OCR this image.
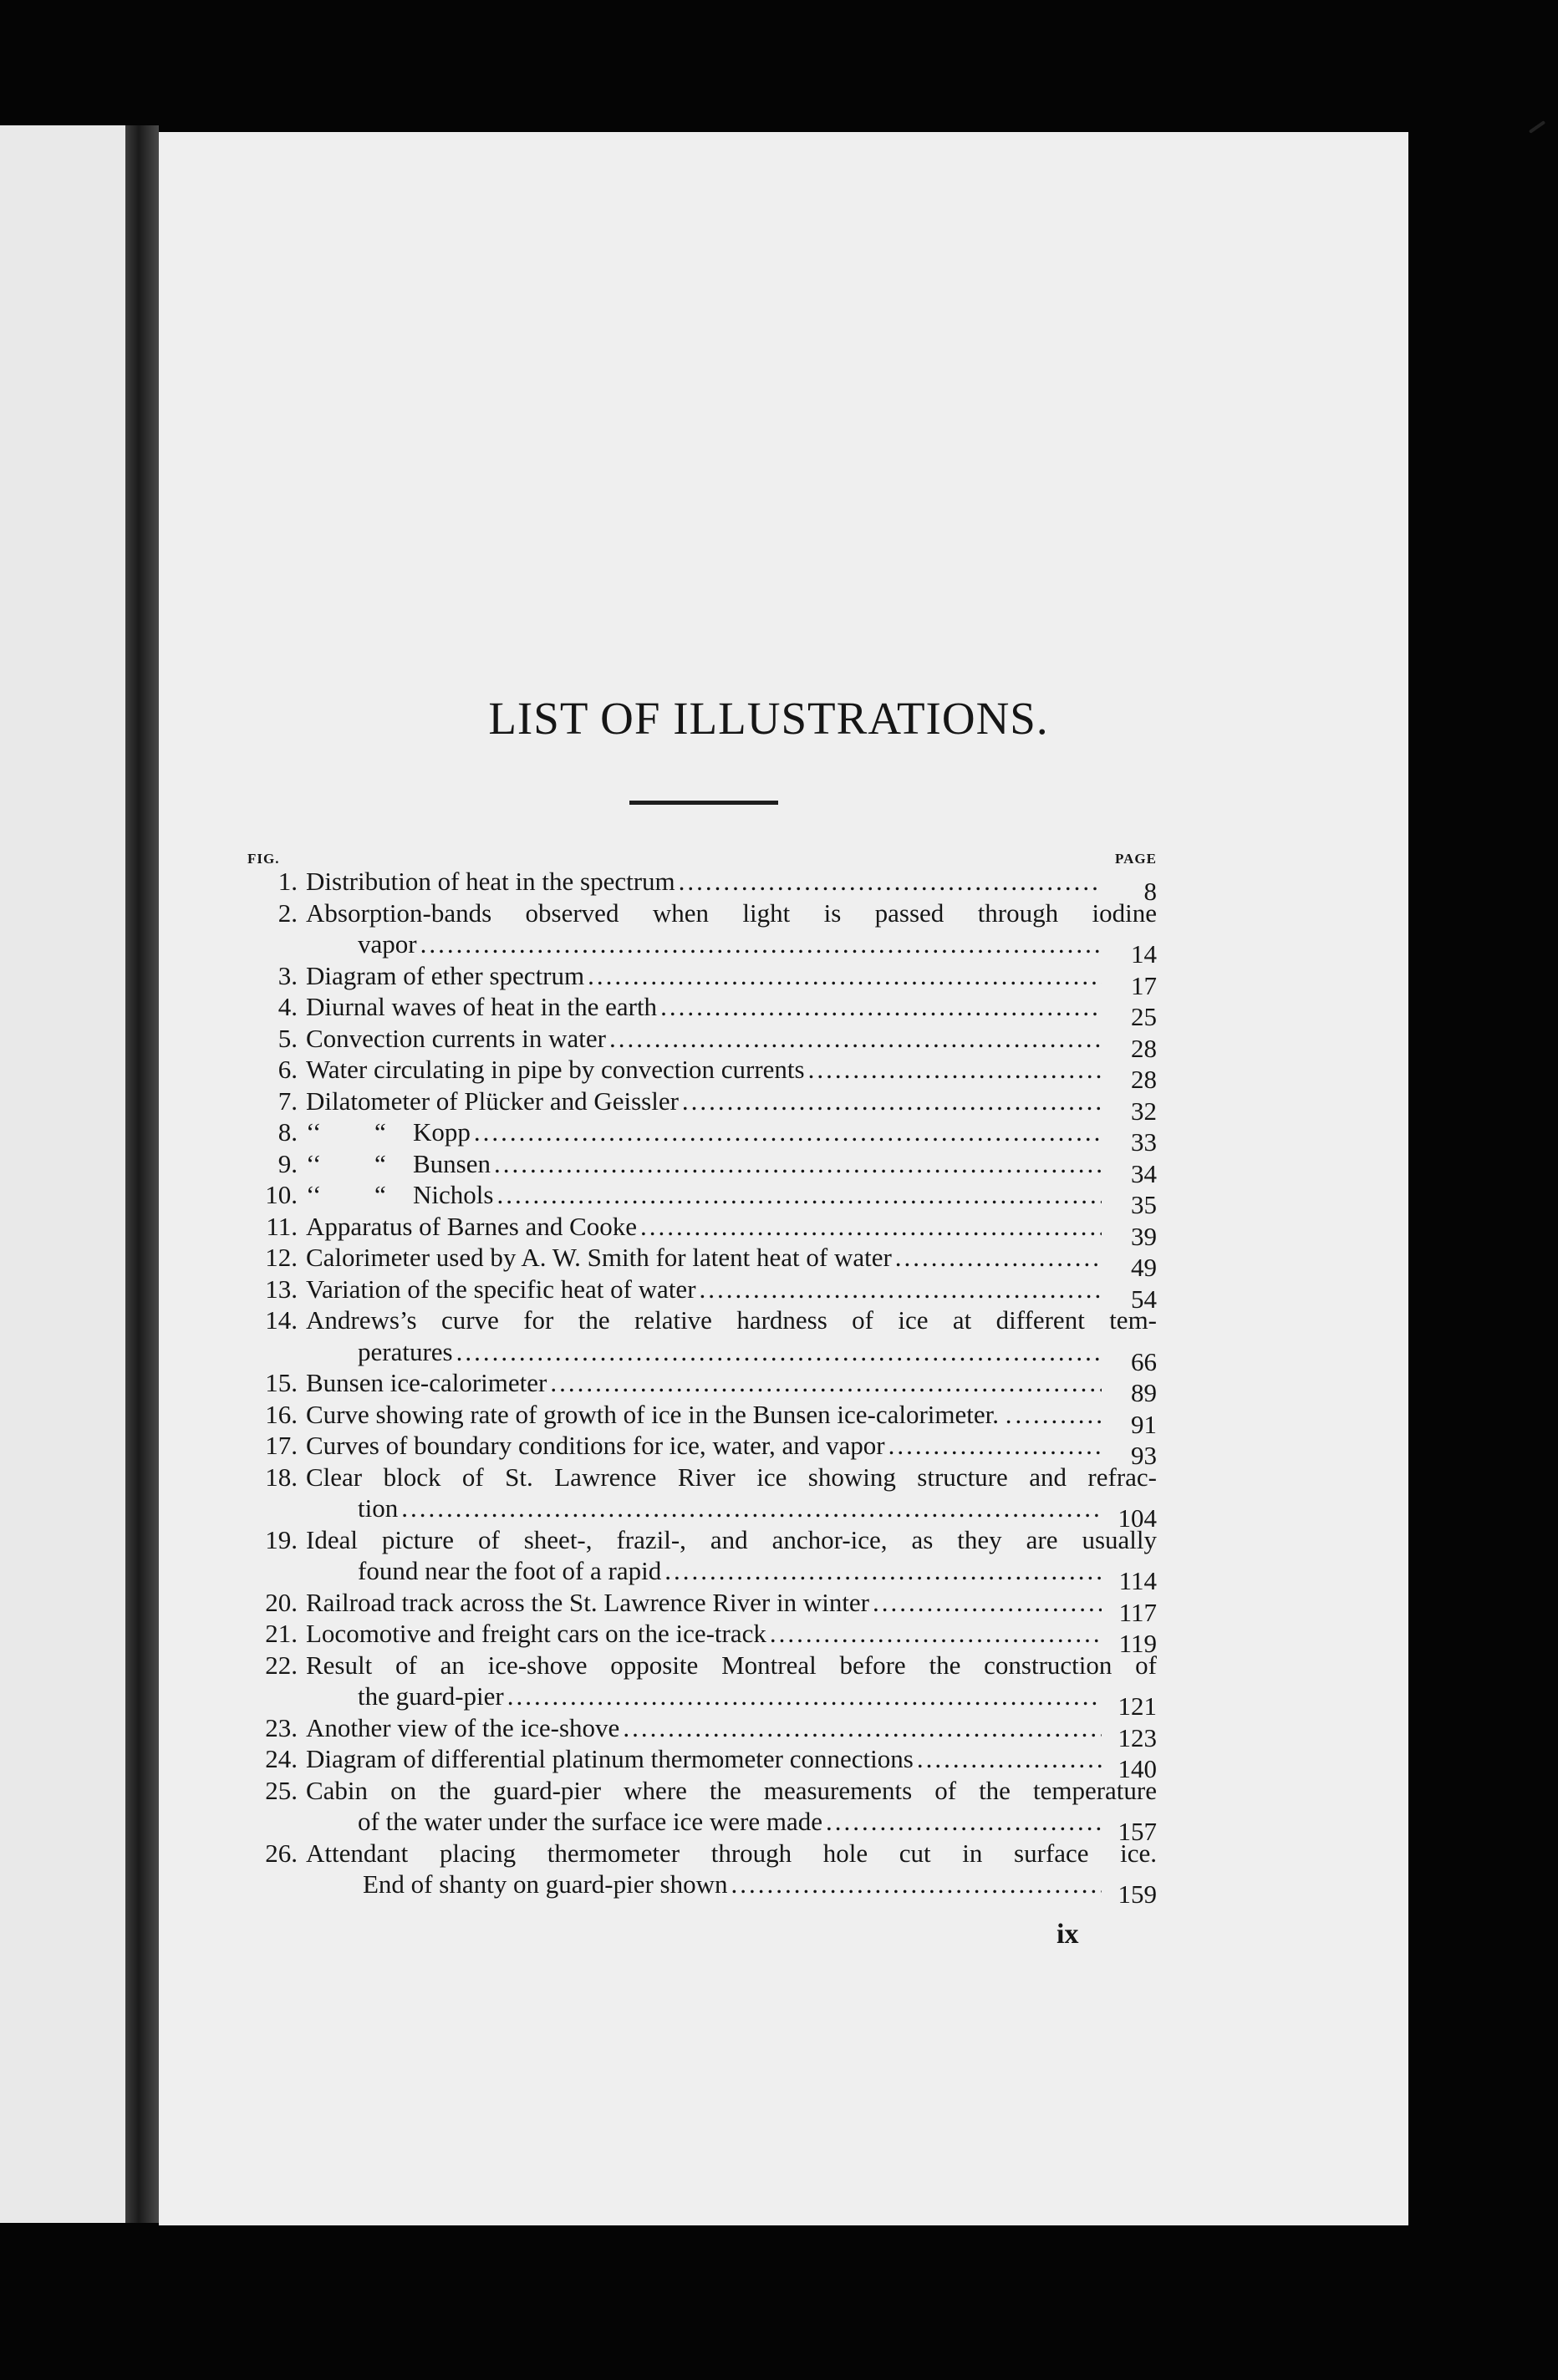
LIST OF ILLUSTRATIONS.
FIG.	PAGE
1. Distribution of heat in the spectrum .....	8
2. Absorption-bands observed when light is passed through iodine
vapor .....	14
3. Diagram of ether spectrum .....	17
4. Diurnal waves of heat in the earth .....	25
5. Convection currents in water .....	28
6. Water circulating in pipe by convection currents .....	28
7. Dilatometer of Plücker and Geissler .....	32
8. ‘‘ “ Kopp .....	33
9. ‘‘ “ Bunsen .....	34
10. ‘‘ “ Nichols .....	35
11. Apparatus of Barnes and Cooke .....	39
12. Calorimeter used by A. W. Smith for latent heat of water .....	49
13. Variation of the specific heat of water .....	54
14. Andrews’s curve for the relative hardness of ice at different tem-
peratures .....	66
15. Bunsen ice-calorimeter .....	89
16. Curve showing rate of growth of ice in the Bunsen ice-calorimeter. . .....	91
17. Curves of boundary conditions for ice, water, and vapor .....	93
18. Clear block of St. Lawrence River ice showing structure and refrac-
tion .....	104
19. Ideal picture of sheet-, frazil-, and anchor-ice, as they are usually
found near the foot of a rapid .....	114
20. Railroad track across the St. Lawrence River in winter .....	117
21. Locomotive and freight cars on the ice-track .....	119
22. Result of an ice-shove opposite Montreal before the construction of
the guard-pier .....	121
23. Another view of the ice-shove .....	123
24. Diagram of differential platinum thermometer connections .....	140
25. Cabin on the guard-pier where the measurements of the temperature
of the water under the surface ice were made .....	157
26. Attendant placing thermometer through hole cut in surface ice.
End of shanty on guard-pier shown .....	159
ix
